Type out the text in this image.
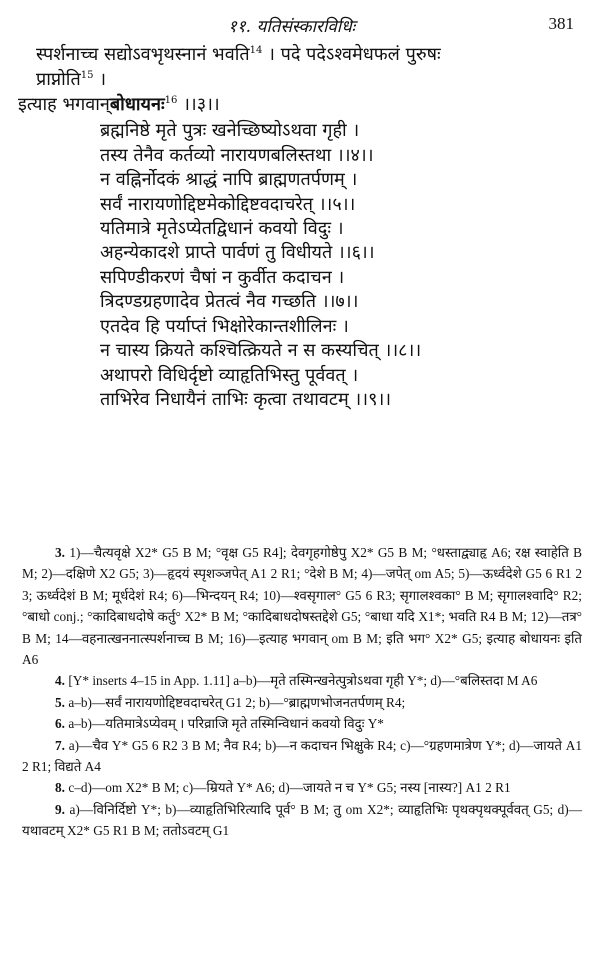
११. यतिसंस्कारविधिः	381
स्पर्शनाच्च सद्योऽवभृथस्नानं भवति$^{14}$ । पदे पदेऽश्वमेधफलं पुरुषः
प्राप्नोति$^{15}$ ।
इत्याह भगवान्बोधायनः$^{16}$ ।।३।।
ब्रह्मनिष्ठे मृते पुत्रः खनेच्छिष्योऽथवा गृही ।
तस्य तेनैव कर्तव्यो नारायणबलिस्तथा ।।४।।
न वह्निर्नोदकं श्राद्धं नापि ब्राह्मणतर्पणम् ।
सर्वं नारायणोद्दिष्टमेकोद्दिष्टवदाचरेत् ।।५।।
यतिमात्रे मृतेऽप्येतद्विधानं कवयो विदुः ।
अहन्येकादशे प्राप्ते पार्वणं तु विधीयते ।।६।।
सपिण्डीकरणं चैषां न कुर्वीत कदाचन ।
त्रिदण्डग्रहणादेव प्रेतत्वं नैव गच्छति ।।७।।
एतदेव हि पर्याप्तं भिक्षोरेकान्तशीलिनः ।
न चास्य क्रियते कश्चित्क्रियते न स कस्यचित् ।।८।।
अथापरो विधिर्दृष्टो व्याहृतिभिस्तु पूर्ववत् ।
ताभिरेव निधायैनं ताभिः कृत्वा तथावटम् ।।९।।

3. 1)—चैत्यवृक्षे X2* G5 B M; °वृक्ष G5 R4]; देवगृहगोष्ठेपु X2* G5 B M; °धस्ताद्व्याहृ A6; रक्ष स्वाहेति B M; 2)—दक्षिणे X2 G5; 3)—हृदयं स्पृशञ्जपेत् A1 2 R1; °देशे B M; 4)—जपेत् om A5; 5)—ऊर्ध्वदेशे G5 6 R1 2 3; ऊर्ध्वदेशं B M; मूर्धदेशं R4; 6)—भिन्दयन् R4; 10)—श्वसृगाल° G5 6 R3; सृगालश्वका° B M; सृगालश्वादि° R2; °बाधो conj.; °कादिबाधदोषे कर्तु° X2* B M; °कादिबाधदोषस्तद्देशे G5; °बाधा यदि X1*; भवति R4 B M; 12)—तत्र° B M; 14—वहनात्खननात्स्पर्शनाच्च B M; 16)—इत्याह भगवान् om B M; इति भग° X2* G5; इत्याह बोधायनः इति A6

4. [Y* inserts 4–15 in App. 1.11] a–b)—मृते तस्मिन्खनेत्पुत्रोऽथवा गृही Y*; d)—°बलिस्तदा M A6

5. a–b)—सर्वं नारायणोद्दिष्टवदाचरेत् G1 2; b)—°ब्राह्मणभोजनतर्पणम् R4;

6. a–b)—यतिमात्रेऽप्येवम् । परिव्राजि मृते तस्मिन्विधानं कवयो विदुः Y*

7. a)—चैव Y* G5 6 R2 3 B M; नैव R4; b)—न कदाचन भिक्षुके R4; c)—°ग्रहणमात्रेण Y*; d)—जायते A1 2 R1; विद्यते A4

8. c–d)—om X2* B M; c)—म्रियते Y* A6; d)—जायते न च Y* G5; नस्य [नास्य?] A1 2 R1

9. a)—विनिर्दिष्टो Y*; b)—व्याहृतिभिरित्यादि पूर्व° B M; तु om X2*; व्याहृतिभिः पृथक्पृथक्पूर्ववत् G5; d)—यथावटम् X2* G5 R1 B M; ततोऽवटम् G1
